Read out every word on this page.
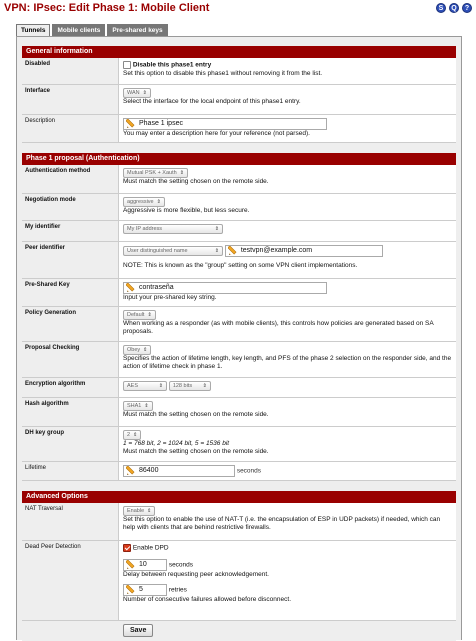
VPN: IPsec: Edit Phase 1: Mobile Client	S	Q	?
Tunnels	Mobile clients	Pre-shared keys
General information
Disabled	Disable this phase1 entry
Set this option to disable this phase1 without removing it from the list.
Interface	WAN ⇕

Select the interface for the local endpoint of this phase1 entry.
Description	Phase 1 ipsec

You may enter a description here for your reference (not parsed).
Phase 1 proposal (Authentication)
Authentication method	Mutual PSK + Xauth ⇕

Must match the setting chosen on the remote side.
Negotiation mode	aggressive ⇕

Aggressive is more flexible, but less secure.
My identifier	My IP address	⇕
Peer identifier	User distinguished name	⇕
	testvpn@example.com
NOTE: This is known as the "group" setting on some VPN client implementations.
Pre-Shared Key	contraseña

Input your pre-shared key string.
Policy Generation	Default ⇕

When working as a responder (as with mobile clients), this controls how policies are generated based on SA proposals.
Proposal Checking	Obey ⇕

Specifies the action of lifetime length, key length, and PFS of the phase 2 selection on the responder side, and the action of lifetime check in phase 1.
Encryption algorithm	AES	⇕
128 bits ⇕
Hash algorithm	SHA1 ⇕

Must match the setting chosen on the remote side.
DH key group	2 ⇕

1 = 768 bit, 2 = 1024 bit, 5 = 1536 bit
Must match the setting chosen on the remote side.
Lifetime	86400	seconds
Advanced Options
NAT Traversal	Enable ⇕

Set this option to enable the use of NAT-T (i.e. the encapsulation of ESP in UDP packets) if needed, which can help with clients that are behind restrictive firewalls.
Dead Peer Detection	Enable DPD
10	seconds
Delay between requesting peer acknowledgement.
5	retries
Number of consecutive failures allowed before disconnect.
Save
